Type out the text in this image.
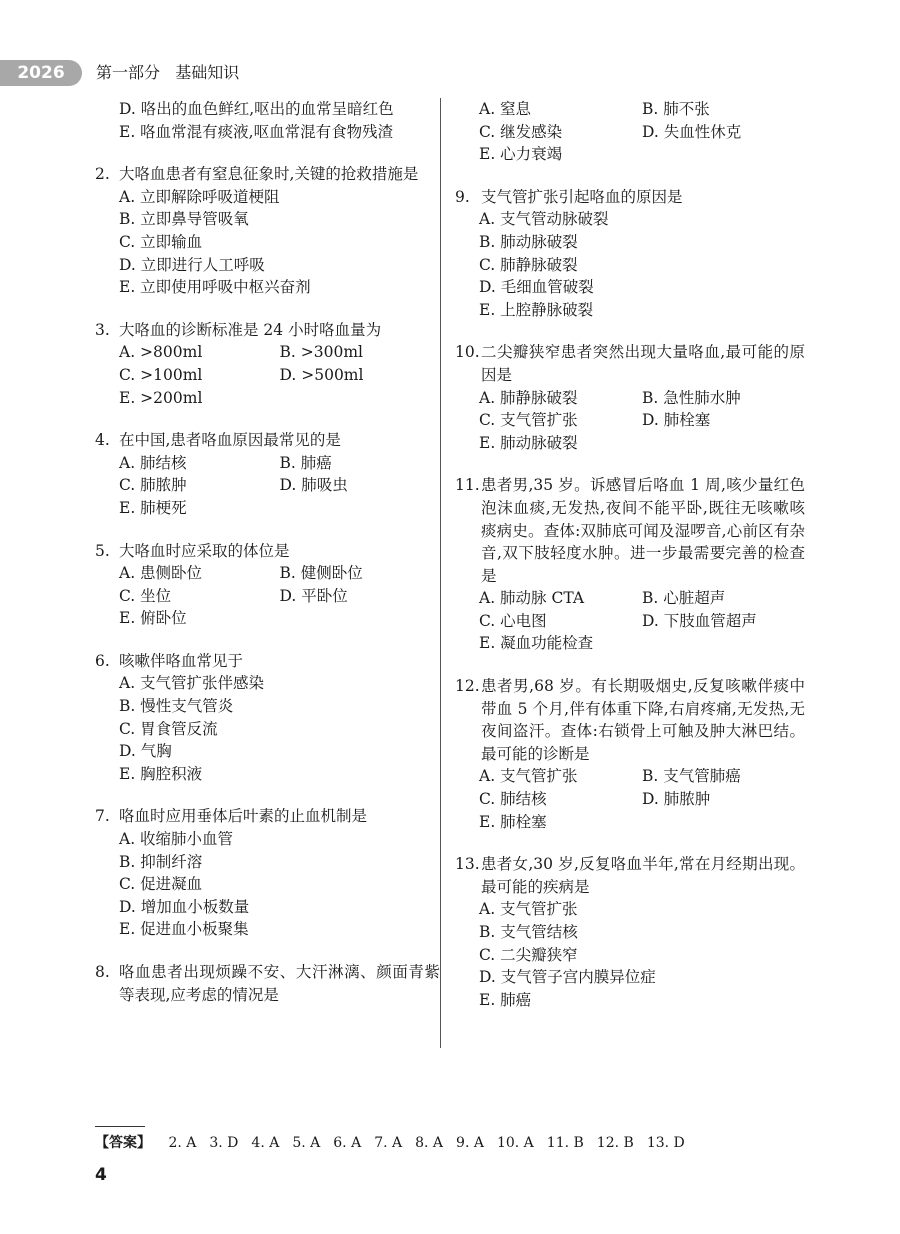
2026	第一部分   基础知识
D. 咯出的血色鲜红,呕出的血常呈暗红色
E. 咯血常混有痰液,呕血常混有食物残渣
2. 大咯血患者有窒息征象时,关键的抢救措施是
A. 立即解除呼吸道梗阻
B. 立即鼻导管吸氧
C. 立即输血
D. 立即进行人工呼吸
E. 立即使用呼吸中枢兴奋剂
3. 大咯血的诊断标准是 24 小时咯血量为
A. >800ml	B. >300ml
C. >100ml	D. >500ml
E. >200ml
4. 在中国,患者咯血原因最常见的是
A. 肺结核	B. 肺癌
C. 肺脓肿	D. 肺吸虫
E. 肺梗死
5. 大咯血时应采取的体位是
A. 患侧卧位	B. 健侧卧位
C. 坐位	D. 平卧位
E. 俯卧位
6. 咳嗽伴咯血常见于
A. 支气管扩张伴感染
B. 慢性支气管炎
C. 胃食管反流
D. 气胸
E. 胸腔积液
7. 咯血时应用垂体后叶素的止血机制是
A. 收缩肺小血管
B. 抑制纤溶
C. 促进凝血
D. 增加血小板数量
E. 促进血小板聚集
8. 咯血患者出现烦躁不安、大汗淋漓、颜面青紫等表现,应考虑的情况是
A. 窒息	B. 肺不张
C. 继发感染	D. 失血性休克
E. 心力衰竭
9. 支气管扩张引起咯血的原因是
A. 支气管动脉破裂
B. 肺动脉破裂
C. 肺静脉破裂
D. 毛细血管破裂
E. 上腔静脉破裂
10. 二尖瓣狭窄患者突然出现大量咯血,最可能的原因是
A. 肺静脉破裂	B. 急性肺水肿
C. 支气管扩张	D. 肺栓塞
E. 肺动脉破裂
11. 患者男,35 岁。诉感冒后咯血 1 周,咳少量红色泡沫血痰,无发热,夜间不能平卧,既往无咳嗽咳痰病史。查体:双肺底可闻及湿啰音,心前区有杂音,双下肢轻度水肿。进一步最需要完善的检查是
A. 肺动脉 CTA	B. 心脏超声
C. 心电图	D. 下肢血管超声
E. 凝血功能检查
12. 患者男,68 岁。有长期吸烟史,反复咳嗽伴痰中带血 5 个月,伴有体重下降,右肩疼痛,无发热,无夜间盗汗。查体:右锁骨上可触及肿大淋巴结。最可能的诊断是
A. 支气管扩张	B. 支气管肺癌
C. 肺结核	D. 肺脓肿
E. 肺栓塞
13. 患者女,30 岁,反复咯血半年,常在月经期出现。最可能的疾病是
A. 支气管扩张
B. 支气管结核
C. 二尖瓣狭窄
D. 支气管子宫内膜异位症
E. 肺癌
【答案】 2. A 3. D 4. A 5. A 6. A 7. A 8. A 9. A 10. A 11. B 12. B 13. D
4
